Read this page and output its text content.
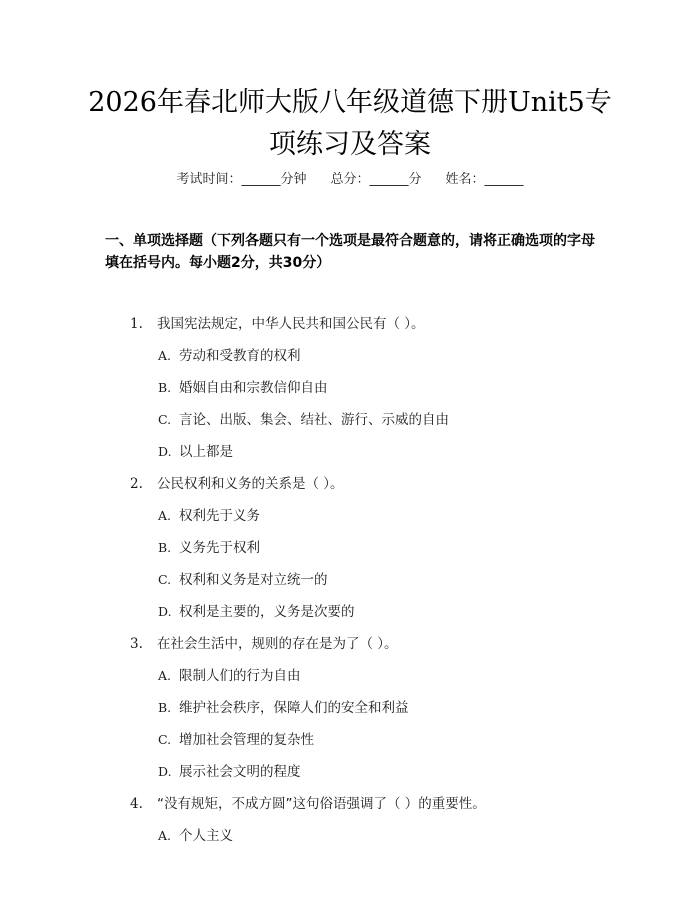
2026年春北师大版八年级道德下册Unit5专
项练习及答案
考试时间：______分钟 总分：______分 姓名：______
一、单项选择题（下列各题只有一个选项是最符合题意的，请将正确选项的字母填在括号内。每小题2分，共30分）
1. 我国宪法规定，中华人民共和国公民有（ ）。
A. 劳动和受教育的权利
B. 婚姻自由和宗教信仰自由
C. 言论、出版、集会、结社、游行、示威的自由
D. 以上都是
2. 公民权利和义务的关系是（ ）。
A. 权利先于义务
B. 义务先于权利
C. 权利和义务是对立统一的
D. 权利是主要的，义务是次要的
3. 在社会生活中，规则的存在是为了（ ）。
A. 限制人们的行为自由
B. 维护社会秩序，保障人们的安全和利益
C. 增加社会管理的复杂性
D. 展示社会文明的程度
4. “没有规矩，不成方圆”这句俗语强调了（ ）的重要性。
A. 个人主义
